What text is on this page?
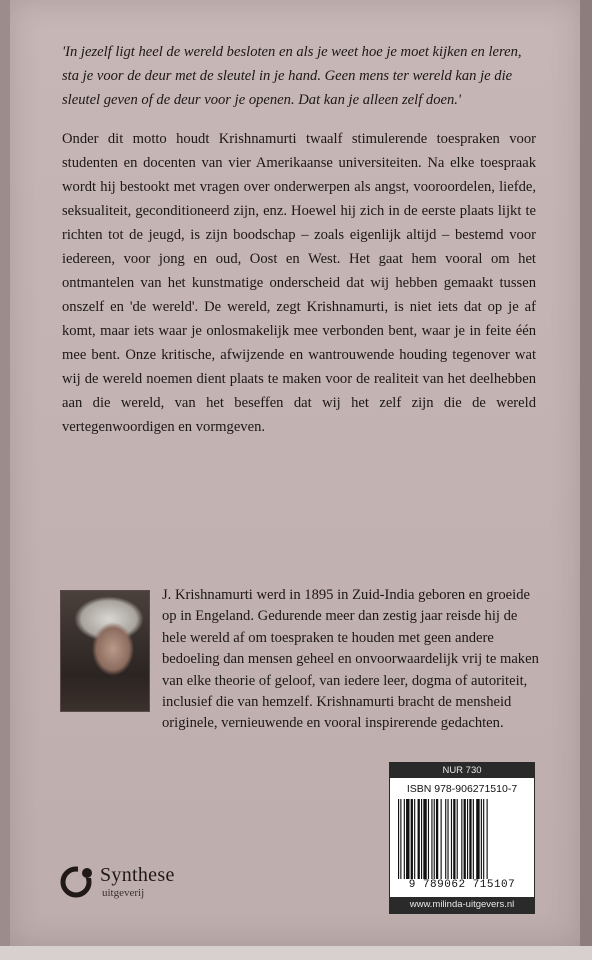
'In jezelf ligt heel de wereld besloten en als je weet hoe je moet kijken en leren, sta je voor de deur met de sleutel in je hand. Geen mens ter wereld kan je die sleutel geven of de deur voor je openen. Dat kan je alleen zelf doen.'

Onder dit motto houdt Krishnamurti twaalf stimulerende toespraken voor studenten en docenten van vier Amerikaanse universiteiten. Na elke toespraak wordt hij bestookt met vragen over onderwerpen als angst, vooroordelen, liefde, seksualiteit, geconditioneerd zijn, enz. Hoewel hij zich in de eerste plaats lijkt te richten tot de jeugd, is zijn boodschap – zoals eigenlijk altijd – bestemd voor iedereen, voor jong en oud, Oost en West. Het gaat hem vooral om het ontmantelen van het kunstmatige onderscheid dat wij hebben gemaakt tussen onszelf en 'de wereld'. De wereld, zegt Krishnamurti, is niet iets dat op je af komt, maar iets waar je onlosmakelijk mee verbonden bent, waar je in feite één mee bent. Onze kritische, afwijzende en wantrouwende houding tegenover wat wij de wereld noemen dient plaats te maken voor de realiteit van het deelhebben aan die wereld, van het beseffen dat wij het zelf zijn die de wereld vertegenwoordigen en vormgeven.

J. Krishnamurti werd in 1895 in Zuid-India geboren en groeide op in Engeland. Gedurende meer dan zestig jaar reisde hij de hele wereld af om toespraken te houden met geen andere bedoeling dan mensen geheel en onvoorwaardelijk vrij te maken van elke theorie of geloof, van iedere leer, dogma of autoriteit, inclusief die van hemzelf. Krishnamurti bracht de mensheid originele, vernieuwende en vooral inspirerende gedachten.

Synthese
uitgeverij
NUR 730
ISBN 978-906271510-7
9 789062 715107
www.milinda-uitgevers.nl
